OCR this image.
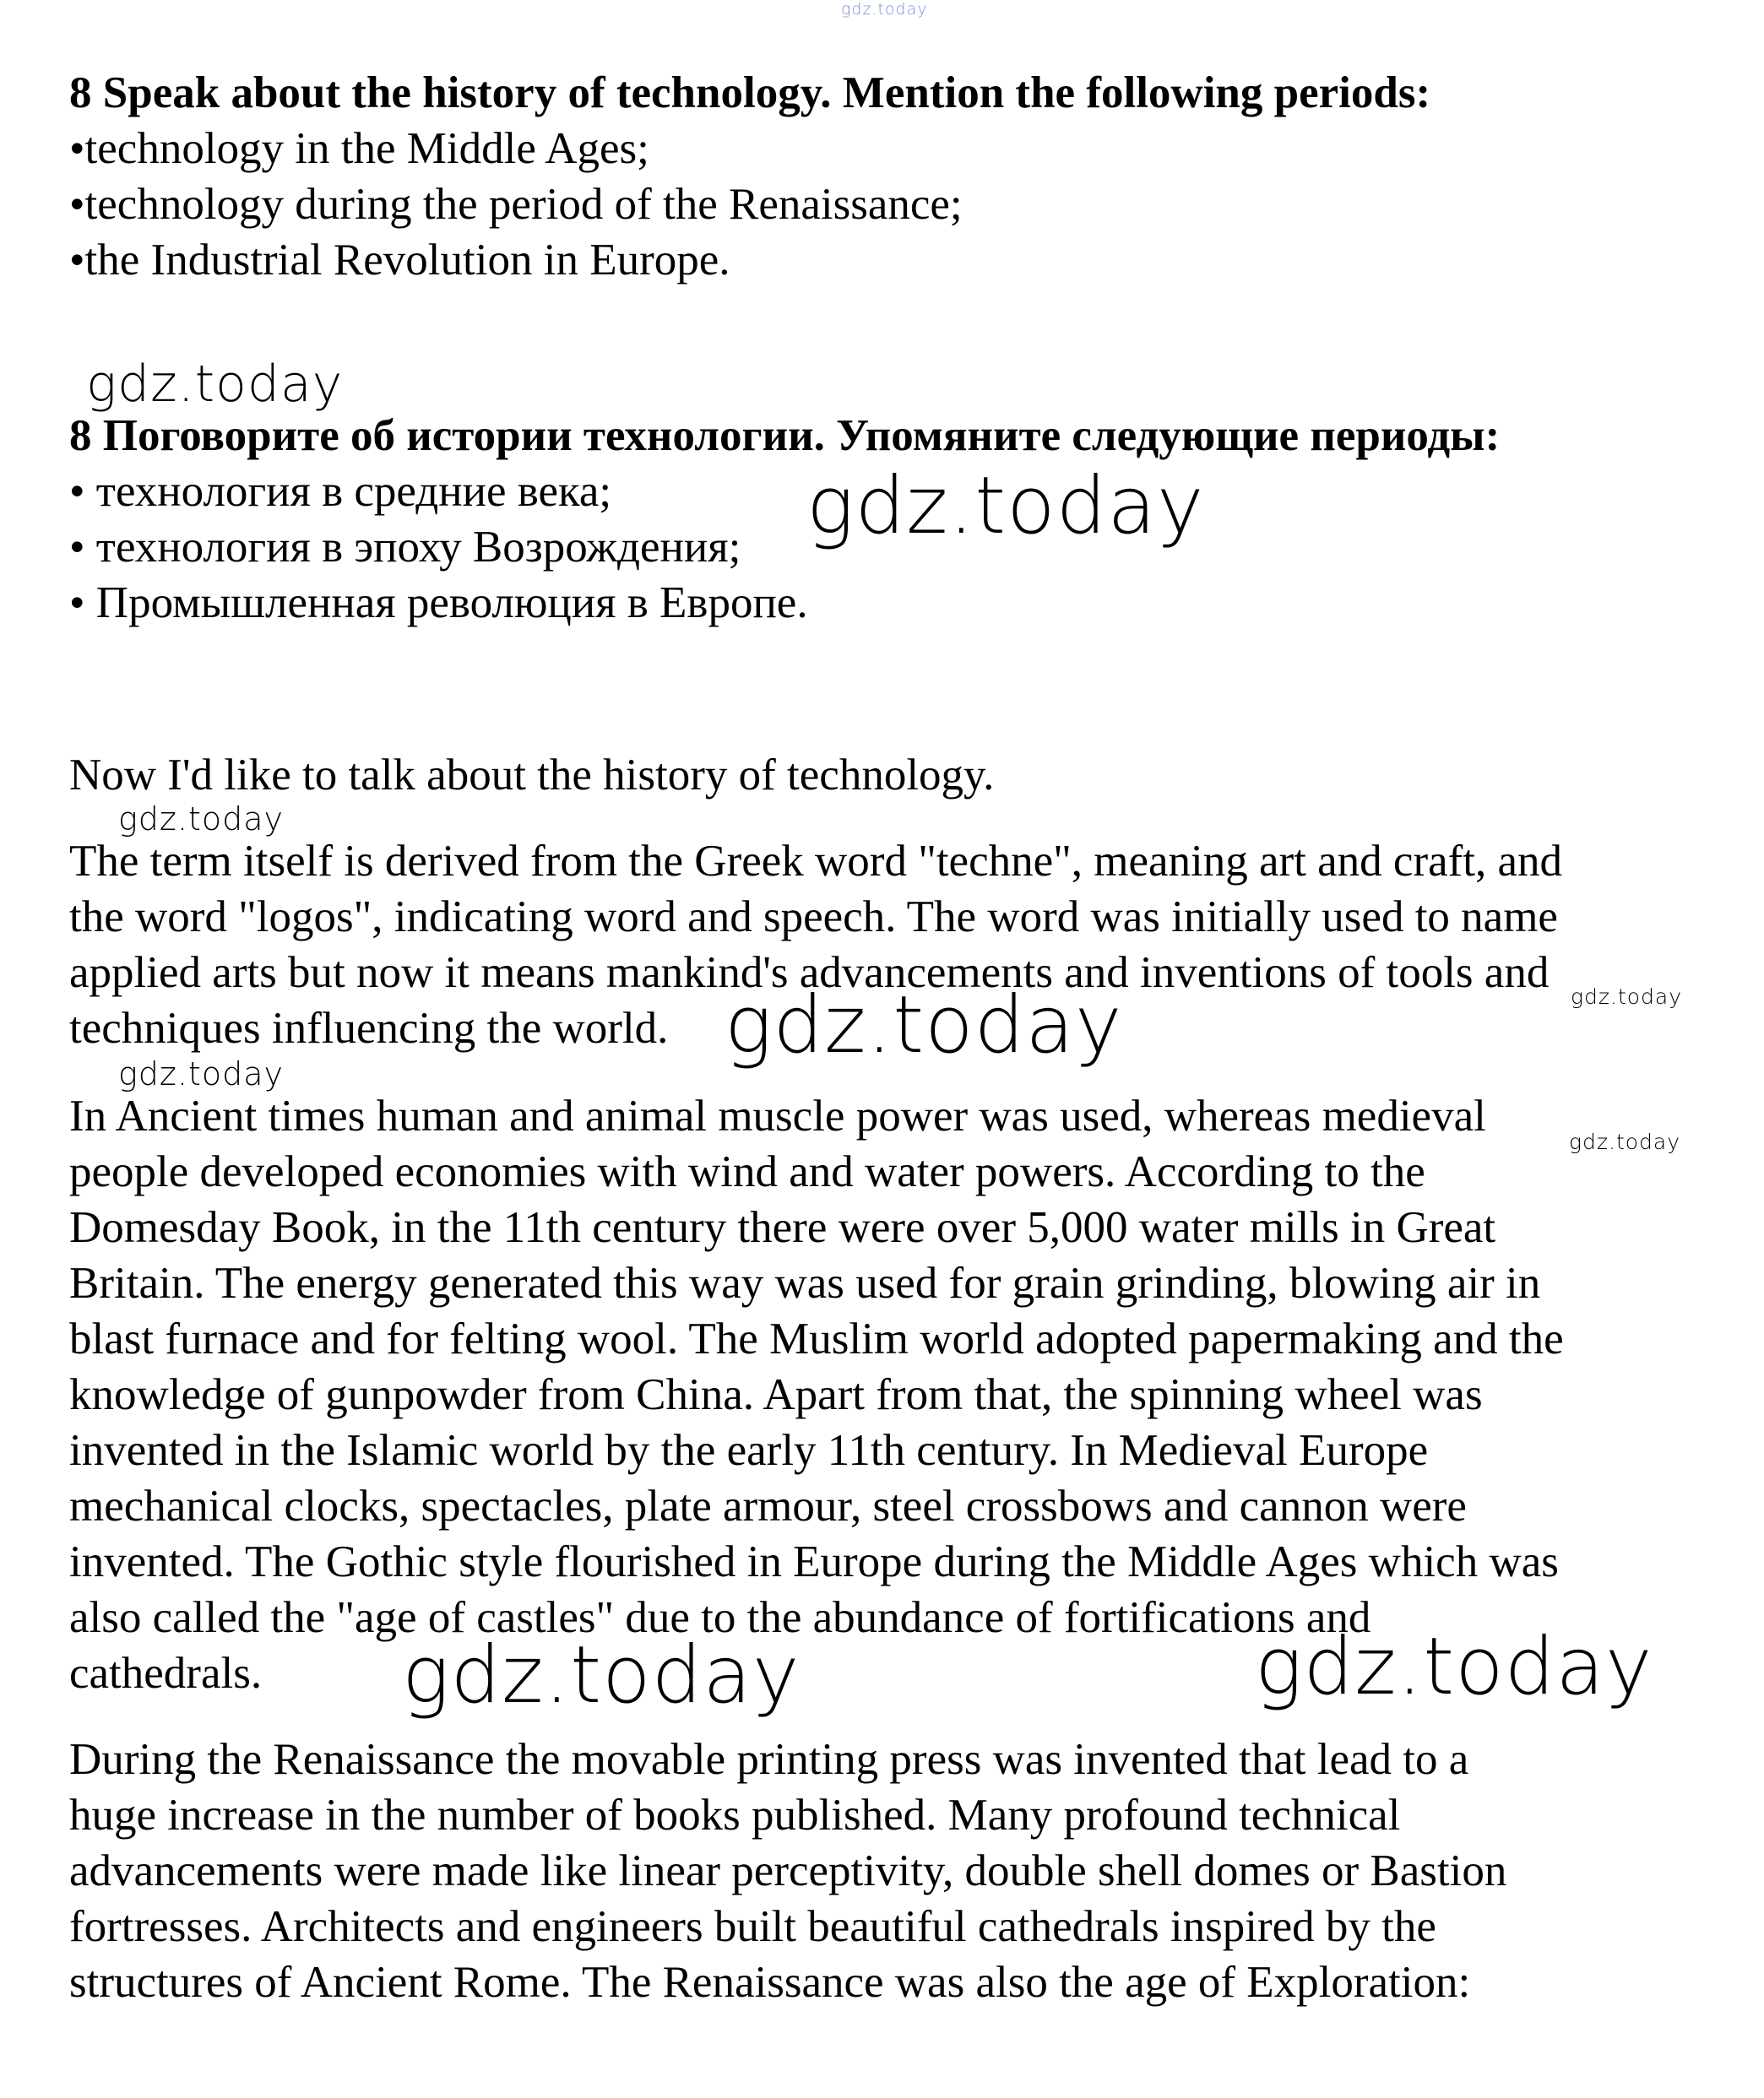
gdz.today
8 Speak about the history of technology. Mention the following periods:
•technology in the Middle Ages;
•technology during the period of the Renaissance;
•the Industrial Revolution in Europe.
gdz.today
8 Поговорите об истории технологии. Упомяните следующие периоды:
• технология в средние века;
• технология в эпоху Возрождения;
• Промышленная революция в Европе.
gdz.today
Now I'd like to talk about the history of technology.
gdz.today
The term itself is derived from the Greek word "techne", meaning art and craft, and
the word "logos", indicating word and speech. The word was initially used to name
applied arts but now it means mankind's advancements and inventions of tools and
techniques influencing the world.
gdz.today
gdz.today
gdz.today
In Ancient times human and animal muscle power was used, whereas medieval
people developed economies with wind and water powers. According to the
Domesday Book, in the 11th century there were over 5,000 water mills in Great
Britain. The energy generated this way was used for grain grinding, blowing air in
blast furnace and for felting wool. The Muslim world adopted papermaking and the
knowledge of gunpowder from China. Apart from that, the spinning wheel was
invented in the Islamic world by the early 11th century. In Medieval Europe
mechanical clocks, spectacles, plate armour, steel crossbows and cannon were
invented. The Gothic style flourished in Europe during the Middle Ages which was
also called the "age of castles" due to the abundance of fortifications and
cathedrals.
gdz.today
gdz.today	gdz.today
During the Renaissance the movable printing press was invented that lead to a
huge increase in the number of books published. Many profound technical
advancements were made like linear perceptivity, double shell domes or Bastion
fortresses. Architects and engineers built beautiful cathedrals inspired by the
structures of Ancient Rome. The Renaissance was also the age of Exploration:
